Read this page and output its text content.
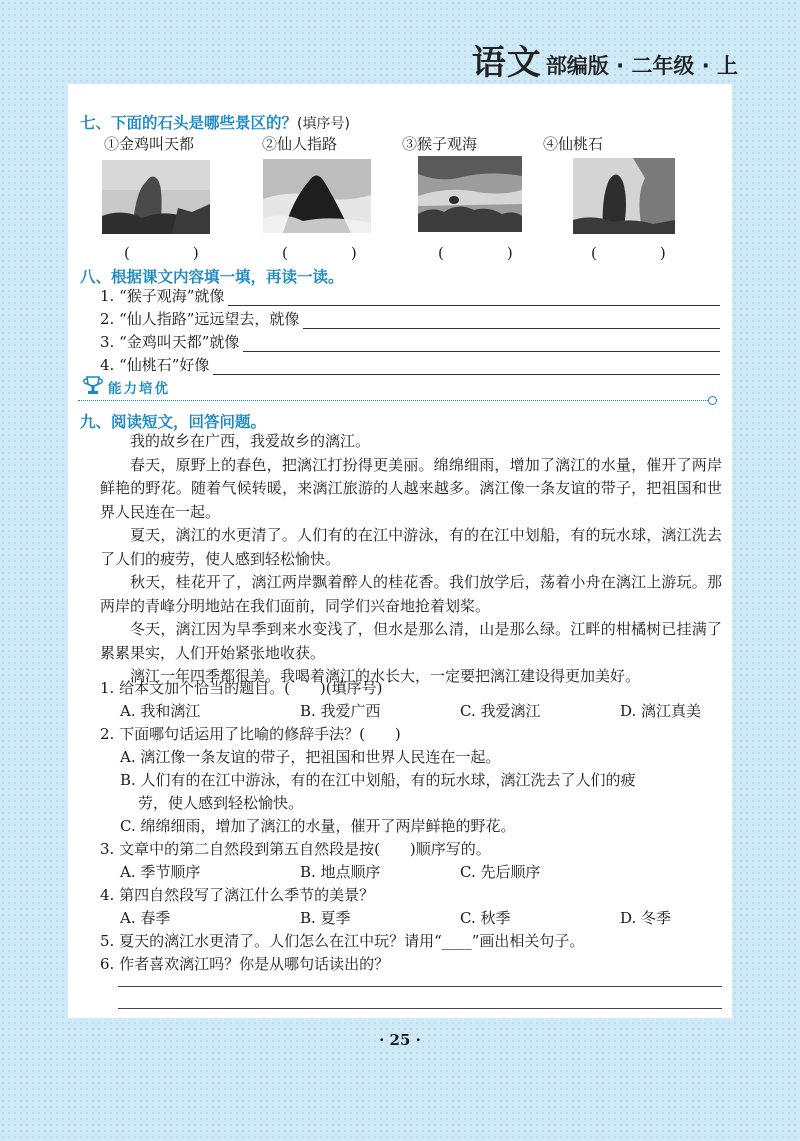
语文 部编版 · 二年级 · 上
七、下面的石头是哪些景区的？(填序号)
①金鸡叫天都	②仙人指路	③猴子观海	④仙桃石
(　)	(　)	(　)	(　)
八、根据课文内容填一填，再读一读。
1. “猴子观海”就像
2. “仙人指路”远远望去，就像
3. “金鸡叫天都”就像
4. “仙桃石”好像
能力培优
九、阅读短文，回答问题。

我的故乡在广西，我爱故乡的漓江。

春天，原野上的春色，把漓江打扮得更美丽。绵绵细雨，增加了漓江的水量，催开了两岸鲜艳的野花。随着气候转暖，来漓江旅游的人越来越多。漓江像一条友谊的带子，把祖国和世界人民连在一起。

夏天，漓江的水更清了。人们有的在江中游泳，有的在江中划船，有的玩水球，漓江洗去了人们的疲劳，使人感到轻松愉快。

秋天，桂花开了，漓江两岸飘着醉人的桂花香。我们放学后，荡着小舟在漓江上游玩。那两岸的青峰分明地站在我们面前，同学们兴奋地抢着划桨。

冬天，漓江因为旱季到来水变浅了，但水是那么清，山是那么绿。江畔的柑橘树已挂满了累累果实，人们开始紧张地收获。

漓江一年四季都很美。我喝着漓江的水长大，一定要把漓江建设得更加美好。

1. 给本文加个恰当的题目。(　　)(填序号)
A. 我和漓江	B. 我爱广西	C. 我爱漓江	D. 漓江真美
2. 下面哪句话运用了比喻的修辞手法？(　　)
A. 漓江像一条友谊的带子，把祖国和世界人民连在一起。
B. 人们有的在江中游泳，有的在江中划船，有的玩水球，漓江洗去了人们的疲
劳，使人感到轻松愉快。
C. 绵绵细雨，增加了漓江的水量，催开了两岸鲜艳的野花。
3. 文章中的第二自然段到第五自然段是按(　　)顺序写的。
A. 季节顺序	B. 地点顺序	C. 先后顺序
4. 第四自然段写了漓江什么季节的美景？
A. 春季	B. 夏季	C. 秋季	D. 冬季
5. 夏天的漓江水更清了。人们怎么在江中玩？请用“____”画出相关句子。
6. 作者喜欢漓江吗？你是从哪句话读出的？
· 25 ·
